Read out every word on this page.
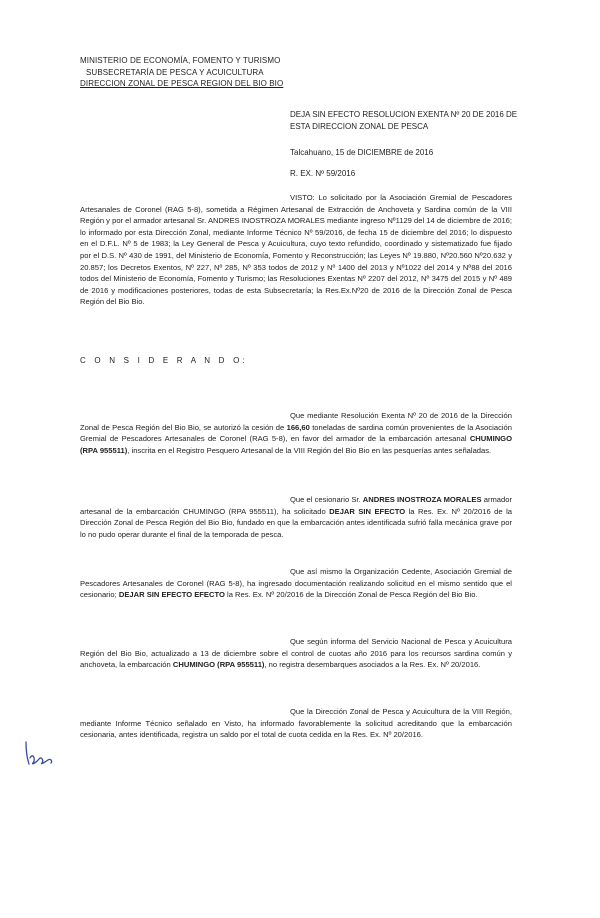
MINISTERIO DE ECONOMÍA, FOMENTO Y TURISMO
SUBSECRETARÍA DE PESCA Y ACUICULTURA
DIRECCION ZONAL DE PESCA REGION DEL BIO BIO
DEJA SIN EFECTO RESOLUCION EXENTA Nº 20 DE 2016 DE ESTA DIRECCION ZONAL DE PESCA
Talcahuano, 15 de DICIEMBRE de 2016
R. EX. Nº 59/2016
VISTO: Lo solicitado por la Asociación Gremial de Pescadores Artesanales de Coronel (RAG 5-8), sometida a Régimen Artesanal de Extracción de Anchoveta y Sardina común de la VIII Región y por el armador artesanal Sr. ANDRES INOSTROZA MORALES mediante ingreso Nº1129 del 14 de diciembre de 2016; lo informado por esta Dirección Zonal, mediante Informe Técnico Nº 59/2016, de fecha 15 de diciembre del 2016; lo dispuesto en el D.F.L. Nº 5 de 1983; la Ley General de Pesca y Acuicultura, cuyo texto refundido, coordinado y sistematizado fue fijado por el D.S. Nº 430 de 1991, del Ministerio de Economía, Fomento y Reconstrucción; las Leyes Nº 19.880, Nº20.560 Nº20.632 y 20.857; los Decretos Exentos, Nº 227, Nº 285, Nº 353 todos de 2012 y Nº 1400 del 2013 y Nº1022 del 2014 y Nº88 del 2016 todos del Ministerio de Economía, Fomento y Turismo; las Resoluciones Exentas Nº 2207 del 2012, Nº 3475 del 2015 y Nº 489 de 2016 y modificaciones posteriores, todas de esta Subsecretaría; la Res.Ex.Nº20 de 2016 de la Dirección Zonal de Pesca Región del Bio Bio.
C O N S I D E R A N D O:
Que mediante Resolución Exenta Nº 20 de 2016 de la Dirección Zonal de Pesca Región del Bio Bio, se autorizó la cesión de 166,60 toneladas de sardina común provenientes de la Asociación Gremial de Pescadores Artesanales de Coronel (RAG 5-8), en favor del armador de la embarcación artesanal CHUMINGO (RPA 955511), inscrita en el Registro Pesquero Artesanal de la VIII Región del Bio Bio en las pesquerías antes señaladas.
Que el cesionario Sr. ANDRES INOSTROZA MORALES armador artesanal de la embarcación CHUMINGO (RPA 955511), ha solicitado DEJAR SIN EFECTO la Res. Ex. Nº 20/2016 de la Dirección Zonal de Pesca Región del Bio Bio, fundado en que la embarcación antes identificada sufrió falla mecánica grave por lo no pudo operar durante el final de la temporada de pesca.
Que así mismo la Organización Cedente, Asociación Gremial de Pescadores Artesanales de Coronel (RAG 5-8), ha ingresado documentación realizando solicitud en el mismo sentido que el cesionario; DEJAR SIN EFECTO EFECTO la Res. Ex. Nº 20/2016 de la Dirección Zonal de Pesca Región del Bio Bio.
Que según informa del Servicio Nacional de Pesca y Acuicultura Región del Bio Bio, actualizado a 13 de diciembre sobre el control de cuotas año 2016 para los recursos sardina común y anchoveta, la embarcación CHUMINGO (RPA 955511), no registra desembarques asociados a la Res. Ex. Nº 20/2016.
Que la Dirección Zonal de Pesca y Acuicultura de la VIII Región, mediante Informe Técnico señalado en Visto, ha informado favorablemente la solicitud acreditando que la embarcación cesionaria, antes identificada, registra un saldo por el total de cuota cedida en la Res. Ex. Nº 20/2016.
